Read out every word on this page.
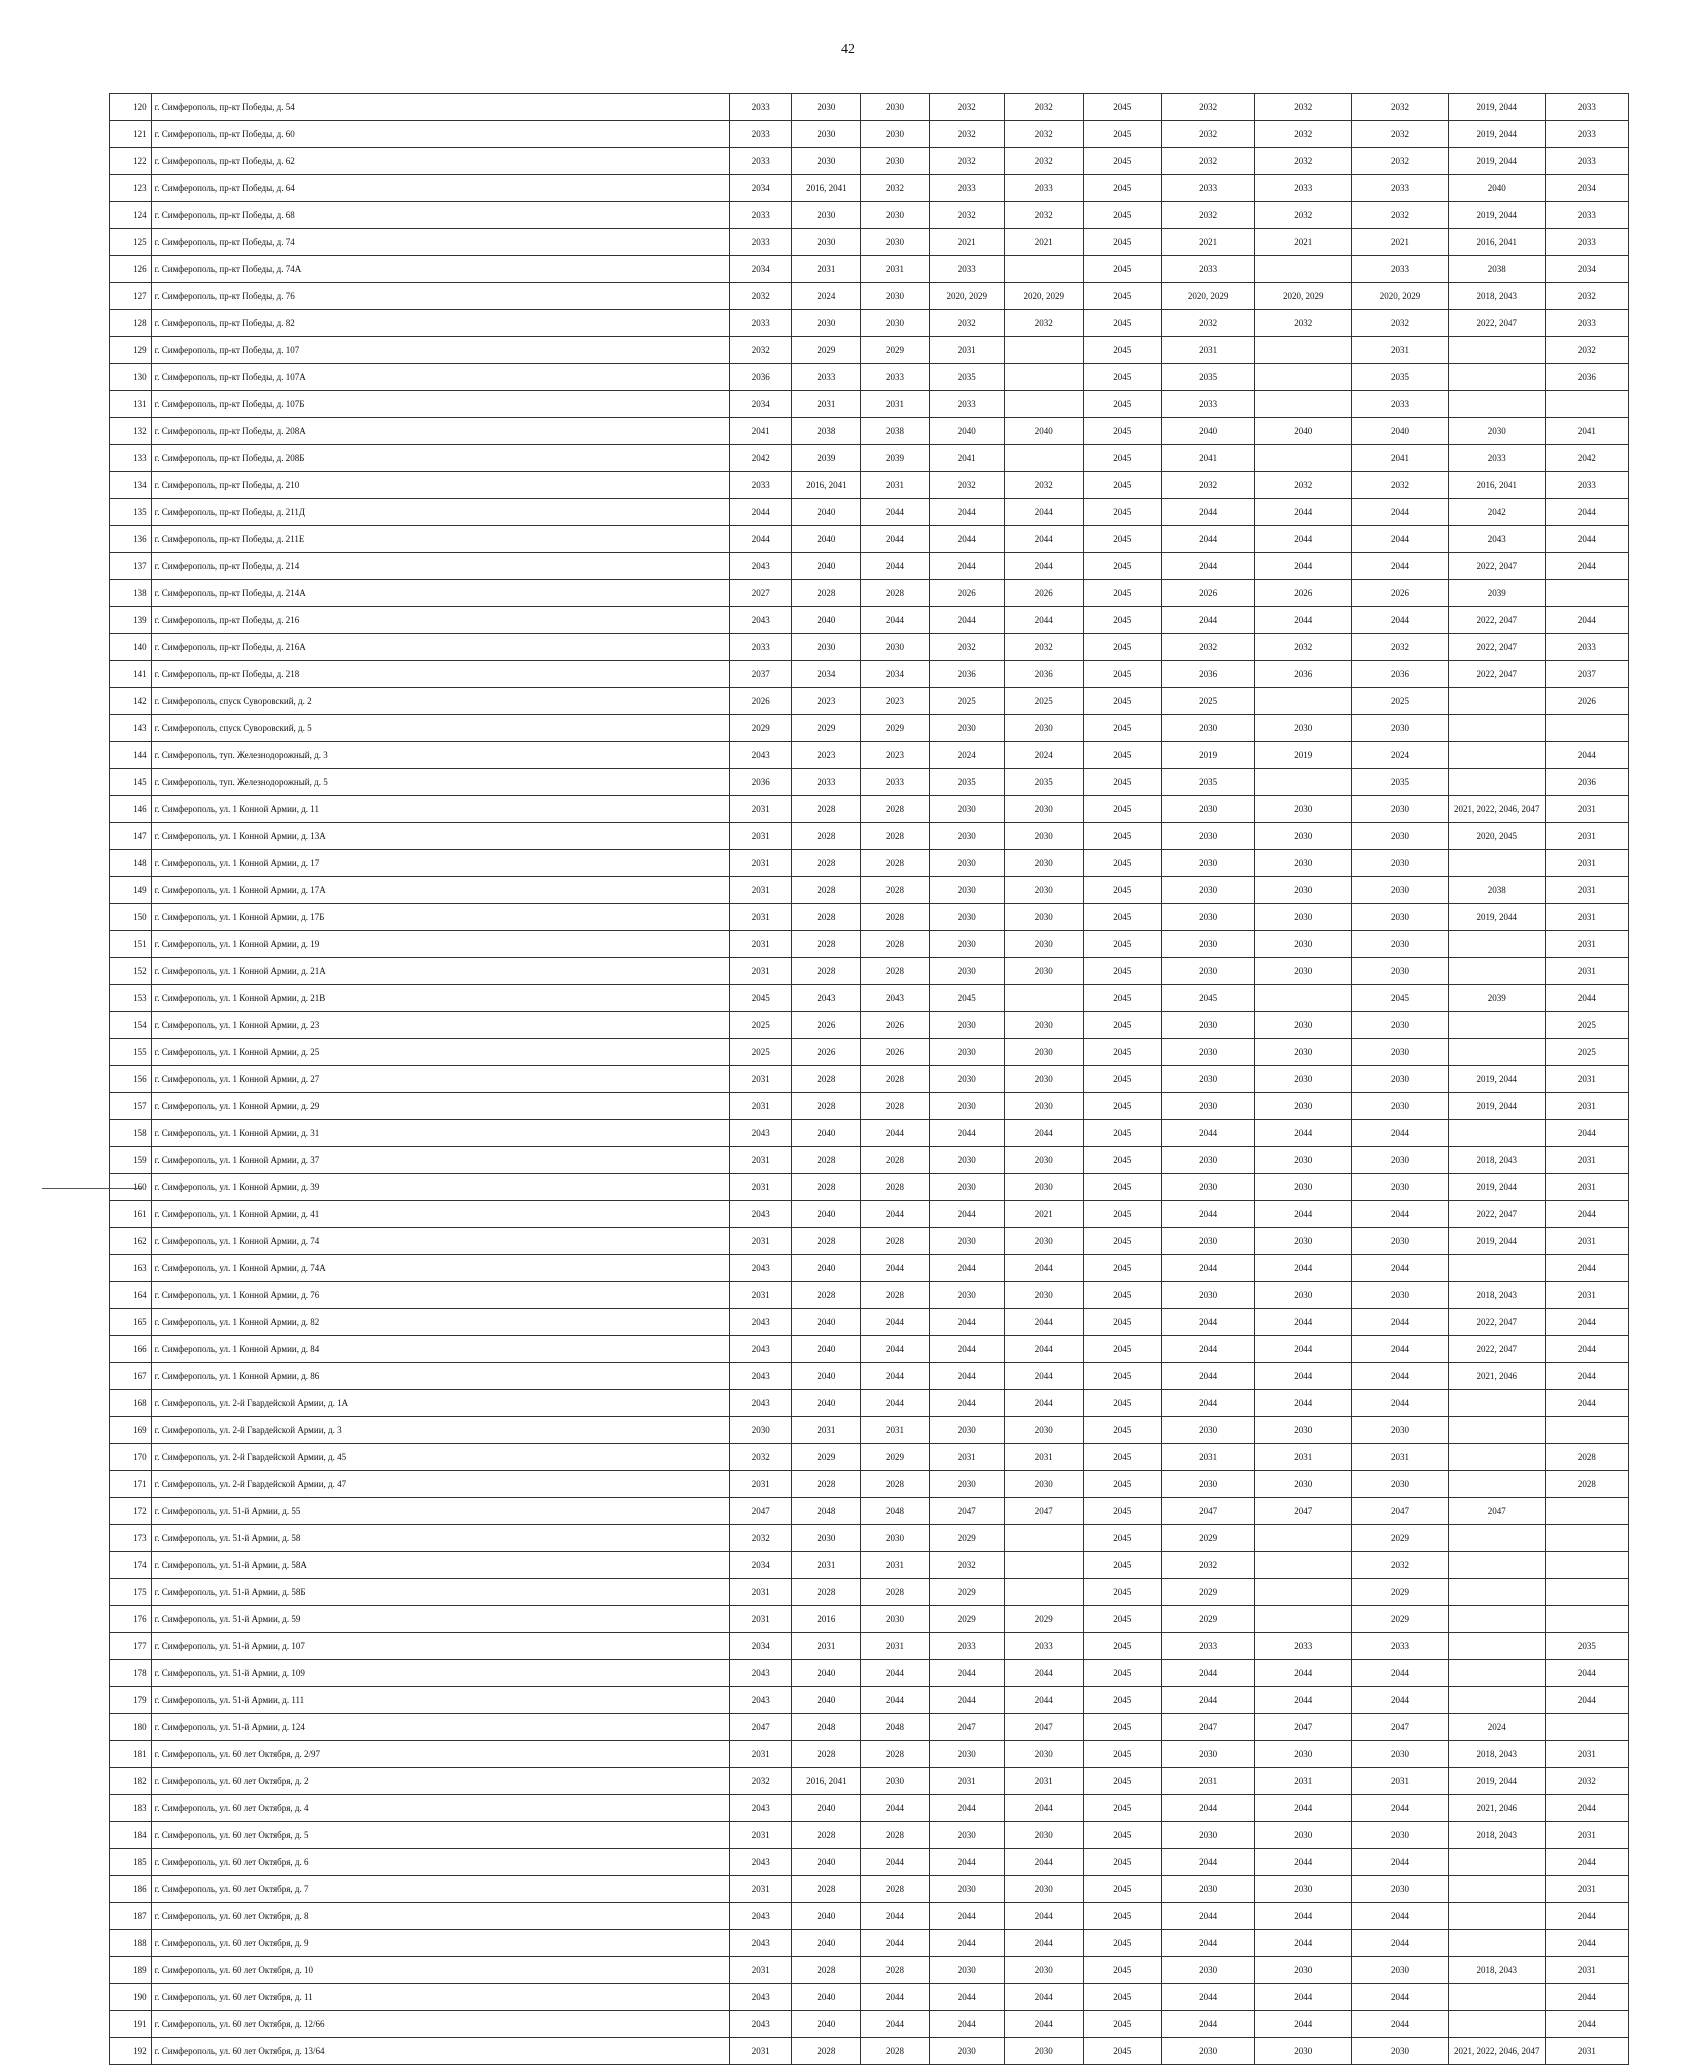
42
120	г. Симферополь, пр-кт Победы, д. 54	2033	2030	2030	2032	2032	2045	2032	2032	2032	2019, 2044	2033
121	г. Симферополь, пр-кт Победы, д. 60	2033	2030	2030	2032	2032	2045	2032	2032	2032	2019, 2044	2033
122	г. Симферополь, пр-кт Победы, д. 62	2033	2030	2030	2032	2032	2045	2032	2032	2032	2019, 2044	2033
123	г. Симферополь, пр-кт Победы, д. 64	2034	2016, 2041	2032	2033	2033	2045	2033	2033	2033	2040	2034
124	г. Симферополь, пр-кт Победы, д. 68	2033	2030	2030	2032	2032	2045	2032	2032	2032	2019, 2044	2033
125	г. Симферополь, пр-кт Победы, д. 74	2033	2030	2030	2021	2021	2045	2021	2021	2021	2016, 2041	2033
126	г. Симферополь, пр-кт Победы, д. 74А	2034	2031	2031	2033		2045	2033		2033	2038	2034
127	г. Симферополь, пр-кт Победы, д. 76	2032	2024	2030	2020, 2029	2020, 2029	2045	2020, 2029	2020, 2029	2020, 2029	2018, 2043	2032
128	г. Симферополь, пр-кт Победы, д. 82	2033	2030	2030	2032	2032	2045	2032	2032	2032	2022, 2047	2033
129	г. Симферополь, пр-кт Победы, д. 107	2032	2029	2029	2031		2045	2031		2031		2032
130	г. Симферополь, пр-кт Победы, д. 107А	2036	2033	2033	2035		2045	2035		2035		2036
131	г. Симферополь, пр-кт Победы, д. 107Б	2034	2031	2031	2033		2045	2033		2033		
132	г. Симферополь, пр-кт Победы, д. 208А	2041	2038	2038	2040	2040	2045	2040	2040	2040	2030	2041
133	г. Симферополь, пр-кт Победы, д. 208Б	2042	2039	2039	2041		2045	2041		2041	2033	2042
134	г. Симферополь, пр-кт Победы, д. 210	2033	2016, 2041	2031	2032	2032	2045	2032	2032	2032	2016, 2041	2033
135	г. Симферополь, пр-кт Победы, д. 211Д	2044	2040	2044	2044	2044	2045	2044	2044	2044	2042	2044
136	г. Симферополь, пр-кт Победы, д. 211Е	2044	2040	2044	2044	2044	2045	2044	2044	2044	2043	2044
137	г. Симферополь, пр-кт Победы, д. 214	2043	2040	2044	2044	2044	2045	2044	2044	2044	2022, 2047	2044
138	г. Симферополь, пр-кт Победы, д. 214А	2027	2028	2028	2026	2026	2045	2026	2026	2026	2039	
139	г. Симферополь, пр-кт Победы, д. 216	2043	2040	2044	2044	2044	2045	2044	2044	2044	2022, 2047	2044
140	г. Симферополь, пр-кт Победы, д. 216А	2033	2030	2030	2032	2032	2045	2032	2032	2032	2022, 2047	2033
141	г. Симферополь, пр-кт Победы, д. 218	2037	2034	2034	2036	2036	2045	2036	2036	2036	2022, 2047	2037
142	г. Симферополь, спуск Суворовский, д. 2	2026	2023	2023	2025	2025	2045	2025		2025		2026
143	г. Симферополь, спуск Суворовский, д. 5	2029	2029	2029	2030	2030	2045	2030	2030	2030		
144	г. Симферополь, туп. Железнодорожный, д. 3	2043	2023	2023	2024	2024	2045	2019	2019	2024		2044
145	г. Симферополь, туп. Железнодорожный, д. 5	2036	2033	2033	2035	2035	2045	2035		2035		2036
146	г. Симферополь, ул. 1 Конной Армии, д. 11	2031	2028	2028	2030	2030	2045	2030	2030	2030	2021, 2022, 2046, 2047	2031
147	г. Симферополь, ул. 1 Конной Армии, д. 13А	2031	2028	2028	2030	2030	2045	2030	2030	2030	2020, 2045	2031
148	г. Симферополь, ул. 1 Конной Армии, д. 17	2031	2028	2028	2030	2030	2045	2030	2030	2030		2031
149	г. Симферополь, ул. 1 Конной Армии, д. 17А	2031	2028	2028	2030	2030	2045	2030	2030	2030	2038	2031
150	г. Симферополь, ул. 1 Конной Армии, д. 17Б	2031	2028	2028	2030	2030	2045	2030	2030	2030	2019, 2044	2031
151	г. Симферополь, ул. 1 Конной Армии, д. 19	2031	2028	2028	2030	2030	2045	2030	2030	2030		2031
152	г. Симферополь, ул. 1 Конной Армии, д. 21А	2031	2028	2028	2030	2030	2045	2030	2030	2030		2031
153	г. Симферополь, ул. 1 Конной Армии, д. 21В	2045	2043	2043	2045		2045	2045		2045	2039	2044
154	г. Симферополь, ул. 1 Конной Армии, д. 23	2025	2026	2026	2030	2030	2045	2030	2030	2030		2025
155	г. Симферополь, ул. 1 Конной Армии, д. 25	2025	2026	2026	2030	2030	2045	2030	2030	2030		2025
156	г. Симферополь, ул. 1 Конной Армии, д. 27	2031	2028	2028	2030	2030	2045	2030	2030	2030	2019, 2044	2031
157	г. Симферополь, ул. 1 Конной Армии, д. 29	2031	2028	2028	2030	2030	2045	2030	2030	2030	2019, 2044	2031
158	г. Симферополь, ул. 1 Конной Армии, д. 31	2043	2040	2044	2044	2044	2045	2044	2044	2044		2044
159	г. Симферополь, ул. 1 Конной Армии, д. 37	2031	2028	2028	2030	2030	2045	2030	2030	2030	2018, 2043	2031
160	г. Симферополь, ул. 1 Конной Армии, д. 39	2031	2028	2028	2030	2030	2045	2030	2030	2030	2019, 2044	2031
161	г. Симферополь, ул. 1 Конной Армии, д. 41	2043	2040	2044	2044	2021	2045	2044	2044	2044	2022, 2047	2044
162	г. Симферополь, ул. 1 Конной Армии, д. 74	2031	2028	2028	2030	2030	2045	2030	2030	2030	2019, 2044	2031
163	г. Симферополь, ул. 1 Конной Армии, д. 74А	2043	2040	2044	2044	2044	2045	2044	2044	2044		2044
164	г. Симферополь, ул. 1 Конной Армии, д. 76	2031	2028	2028	2030	2030	2045	2030	2030	2030	2018, 2043	2031
165	г. Симферополь, ул. 1 Конной Армии, д. 82	2043	2040	2044	2044	2044	2045	2044	2044	2044	2022, 2047	2044
166	г. Симферополь, ул. 1 Конной Армии, д. 84	2043	2040	2044	2044	2044	2045	2044	2044	2044	2022, 2047	2044
167	г. Симферополь, ул. 1 Конной Армии, д. 86	2043	2040	2044	2044	2044	2045	2044	2044	2044	2021, 2046	2044
168	г. Симферополь, ул. 2-й Гвардейской Армии, д. 1А	2043	2040	2044	2044	2044	2045	2044	2044	2044		2044
169	г. Симферополь, ул. 2-й Гвардейской Армии, д. 3	2030	2031	2031	2030	2030	2045	2030	2030	2030		
170	г. Симферополь, ул. 2-й Гвардейской Армии, д. 45	2032	2029	2029	2031	2031	2045	2031	2031	2031		2028
171	г. Симферополь, ул. 2-й Гвардейской Армии, д. 47	2031	2028	2028	2030	2030	2045	2030	2030	2030		2028
172	г. Симферополь, ул. 51-й Армии, д. 55	2047	2048	2048	2047	2047	2045	2047	2047	2047	2047	
173	г. Симферополь, ул. 51-й Армии, д. 58	2032	2030	2030	2029		2045	2029		2029		
174	г. Симферополь, ул. 51-й Армии, д. 58А	2034	2031	2031	2032		2045	2032		2032		
175	г. Симферополь, ул. 51-й Армии, д. 58Б	2031	2028	2028	2029		2045	2029		2029		
176	г. Симферополь, ул. 51-й Армии, д. 59	2031	2016	2030	2029	2029	2045	2029		2029		
177	г. Симферополь, ул. 51-й Армии, д. 107	2034	2031	2031	2033	2033	2045	2033	2033	2033		2035
178	г. Симферополь, ул. 51-й Армии, д. 109	2043	2040	2044	2044	2044	2045	2044	2044	2044		2044
179	г. Симферополь, ул. 51-й Армии, д. 111	2043	2040	2044	2044	2044	2045	2044	2044	2044		2044
180	г. Симферополь, ул. 51-й Армии, д. 124	2047	2048	2048	2047	2047	2045	2047	2047	2047	2024	
181	г. Симферополь, ул. 60 лет Октября, д. 2/97	2031	2028	2028	2030	2030	2045	2030	2030	2030	2018, 2043	2031
182	г. Симферополь, ул. 60 лет Октября, д. 2	2032	2016, 2041	2030	2031	2031	2045	2031	2031	2031	2019, 2044	2032
183	г. Симферополь, ул. 60 лет Октября, д. 4	2043	2040	2044	2044	2044	2045	2044	2044	2044	2021, 2046	2044
184	г. Симферополь, ул. 60 лет Октября, д. 5	2031	2028	2028	2030	2030	2045	2030	2030	2030	2018, 2043	2031
185	г. Симферополь, ул. 60 лет Октября, д. 6	2043	2040	2044	2044	2044	2045	2044	2044	2044		2044
186	г. Симферополь, ул. 60 лет Октября, д. 7	2031	2028	2028	2030	2030	2045	2030	2030	2030		2031
187	г. Симферополь, ул. 60 лет Октября, д. 8	2043	2040	2044	2044	2044	2045	2044	2044	2044		2044
188	г. Симферополь, ул. 60 лет Октября, д. 9	2043	2040	2044	2044	2044	2045	2044	2044	2044		2044
189	г. Симферополь, ул. 60 лет Октября, д. 10	2031	2028	2028	2030	2030	2045	2030	2030	2030	2018, 2043	2031
190	г. Симферополь, ул. 60 лет Октября, д. 11	2043	2040	2044	2044	2044	2045	2044	2044	2044		2044
191	г. Симферополь, ул. 60 лет Октября, д. 12/66	2043	2040	2044	2044	2044	2045	2044	2044	2044		2044
192	г. Симферополь, ул. 60 лет Октября, д. 13/64	2031	2028	2028	2030	2030	2045	2030	2030	2030	2021, 2022, 2046, 2047	2031
